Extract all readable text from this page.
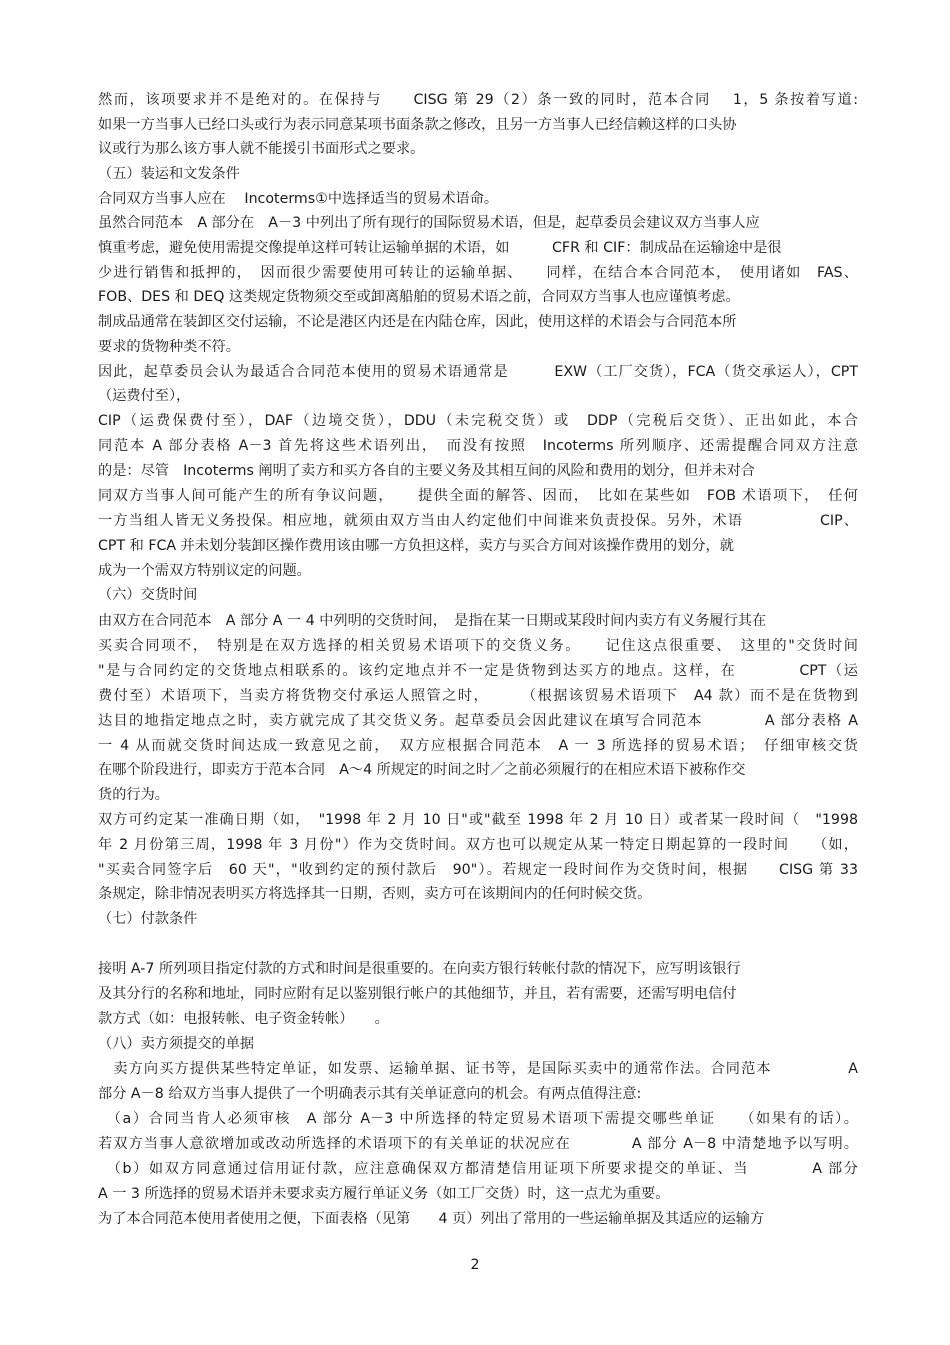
然而，该项要求并不是绝对的。在保持与　　CISG 第 29（2）条一致的同时，范本合同　 1，5 条按着写道:
如果一方当事人已经口头或行为表示同意某项书面条款之修改，且另一方当事人已经信赖这样的口头协
议或行为那么该方事人就不能援引书面形式之要求。
（五）装运和文发条件
合同双方当事人应在　 Incoterms①中选择适当的贸易术语命。
虽然合同范本　A 部分在　A－3 中列出了所有现行的国际贸易术语，但是，起草委员会建议双方当事人应
慎重考虑，避免使用需提交像提单这样可转让运输单据的术语，如　　　CFR 和 CIF：制成品在运输途中是很
少进行销售和抵押的，　因而很少需要使用可转让的运输单据、　　同样，在结合本合同范本，　使用诸如　FAS、
FOB、DES 和 DEQ 这类规定货物须交至或卸离船舶的贸易术语之前，合同双方当事人也应谨慎考虑。
制成品通常在装卸区交付运输，不论是港区内还是在内陆仓库，因此，使用这样的术语会与合同范本所
要求的货物种类不符。
因此，起草委员会认为最适合合同范本使用的贸易术语通常是　　　EXW（工厂交货），FCA（货交承运人），CPT
（运费付至），
CIP（运费保费付至），DAF（边境交货），DDU（未完税交货）或　DDP（完税后交货）、正出如此，本合
同范本 A 部分表格 A－3 首先将这些术语列出，　而没有按照　Incoterms 所列顺序、还需提醒合同双方注意
的是：尽管　Incoterms 阐明了卖方和买方各自的主要义务及其相互间的风险和费用的划分，但并未对合
同双方当事人间可能产生的所有争议问题，　　提供全面的解答、因而，　比如在某些如　FOB 术语项下，　任何
一方当组人皆无义务投保。相应地，就须由双方当由人约定他们中间谁来负责投保。另外，术语　　　　　CIP、
CPT 和 FCA 并未划分装卸区操作费用该由哪一方负担这样，卖方与买合方间对该操作费用的划分，就
成为一个需双方特别议定的问题。
（六）交货时间
由双方在合同范本　A 部分 A 一 4 中列明的交货时间，　是指在某一日期或某段时间内卖方有义务履行其在
买卖合同项不，　特别是在双方选择的相关贸易术语项下的交货义务。　　记住这点很重要、　这里的"交货时间
"是与合同约定的交货地点相联系的。该约定地点并不一定是货物到达买方的地点。这样，在　　　　CPT（运
费付至）术语项下，当卖方将货物交付承运人照管之时，　　　（根据该贸易术语项下　A4 款）而不是在货物到
达目的地指定地点之时，卖方就完成了其交货义务。起草委员会因此建议在填写合同范本　　　　A 部分表格 A
一 4 从而就交货时间达成一致意见之前，　双方应根据合同范本　A 一 3 所选择的贸易术语；　仔细审核交货
在哪个阶段进行，即卖方于范本合同　A～4 所规定的时间之时／之前必须履行的在相应术语下被称作交
货的行为。
双方可约定某一准确日期（如，　"1998 年 2 月 10 日"或"截至 1998 年 2 月 10 日）或者某一段时间（　"1998
年 2 月份第三周，1998 年 3 月份"）作为交货时间。双方也可以规定从某一特定日期起算的一段时间　　（如，
"买卖合同签字后　60 天"，"收到约定的预付款后　90"）。若规定一段时间作为交货时间，根据　　CISG 第 33
条规定，除非情况表明买方将选择其一日期，否则，卖方可在该期间内的任何时候交货。
（七）付款条件
接明 A-7 所列项目指定付款的方式和时间是很重要的。在向卖方银行转帐付款的情况下，应写明该银行
及其分行的名称和地址，同时应附有足以鉴别银行帐户的其他细节，并且，若有需要，还需写明电信付
款方式（如：电报转帐、电子资金转帐）　　。
（八）卖方须提交的单据
　卖方向买方提供某些特定单证，如发票、运输单据、证书等，是国际买卖中的通常作法。合同范本　　　　　A
部分 A－8 给双方当事人提供了一个明确表示其有关单证意向的机会。有两点值得注意:
　（a）合同当肯人必须审核　A 部分 A－3 中所选择的特定贸易术语项下需提交哪些单证　　（如果有的话）。
若双方当事人意欲增加或改动所选择的术语项下的有关单证的状况应在　　　　A 部分 A－8 中清楚地予以写明。
　（b）如双方同意通过信用证付款，应注意确保双方都清楚信用证项下所要求提交的单证、当　　　　A 部分
A 一 3 所选择的贸易术语并未要求卖方履行单证义务（如工厂交货）时，这一点尤为重要。
为了本合同范本使用者使用之便，下面表格（见第　　4 页）列出了常用的一些运输单据及其适应的运输方
2
